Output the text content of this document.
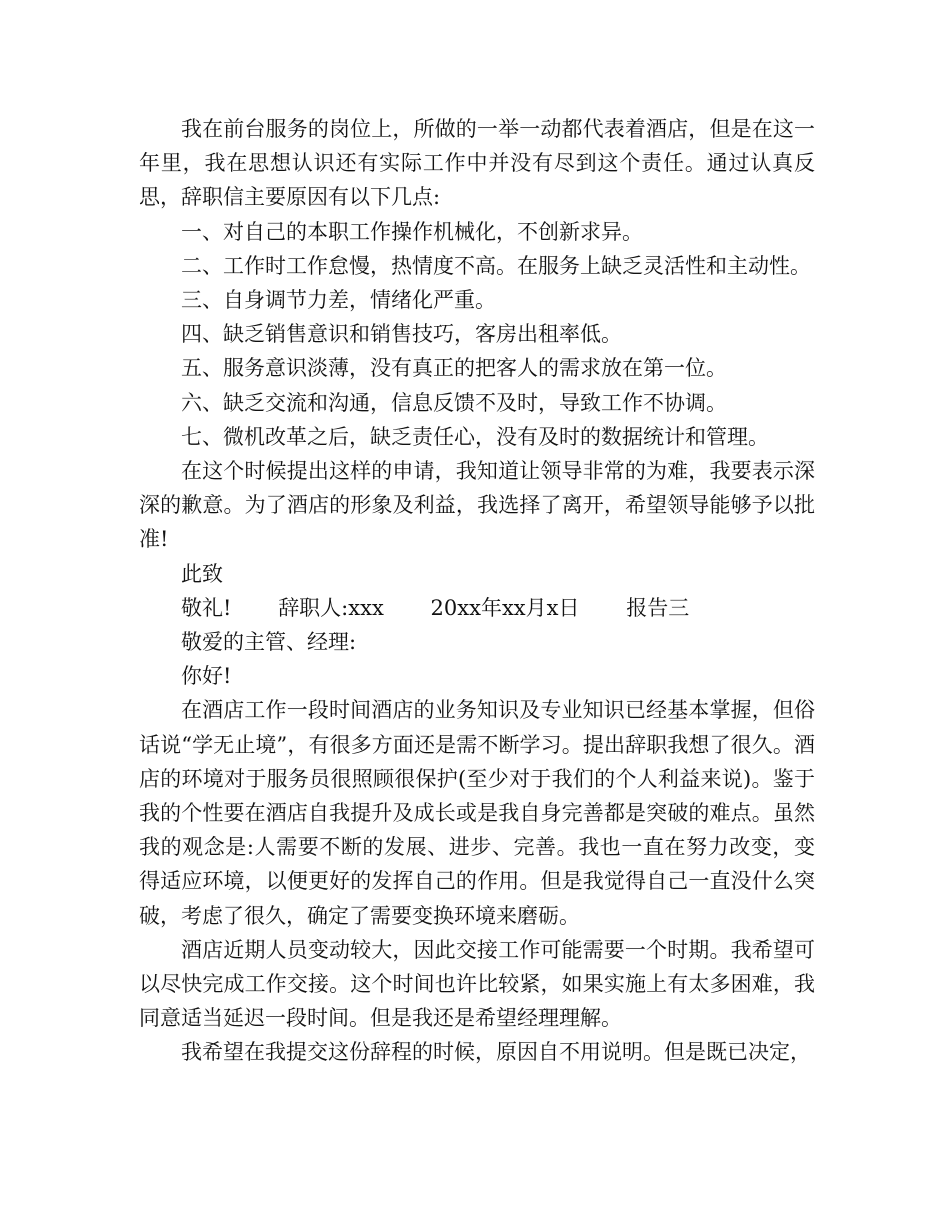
我在前台服务的岗位上，所做的一举一动都代表着酒店，但是在这一年里，我在思想认识还有实际工作中并没有尽到这个责任。通过认真反思，辞职信主要原因有以下几点:

一、对自己的本职工作操作机械化，不创新求异。

二、工作时工作怠慢，热情度不高。在服务上缺乏灵活性和主动性。

三、自身调节力差，情绪化严重。

四、缺乏销售意识和销售技巧，客房出租率低。

五、服务意识淡薄，没有真正的把客人的需求放在第一位。

六、缺乏交流和沟通，信息反馈不及时，导致工作不协调。

七、微机改革之后，缺乏责任心，没有及时的数据统计和管理。

在这个时候提出这样的申请，我知道让领导非常的为难，我要表示深深的歉意。为了酒店的形象及利益，我选择了离开，希望领导能够予以批准!

此致

敬礼!
辞职人:xxx
20xx年xx月x日
报告三

敬爱的主管、经理:

你好!

在酒店工作一段时间酒店的业务知识及专业知识已经基本掌握，但俗话说“学无止境”，有很多方面还是需不断学习。提出辞职我想了很久。酒店的环境对于服务员很照顾很保护(至少对于我们的个人利益来说)。鉴于我的个性要在酒店自我提升及成长或是我自身完善都是突破的难点。虽然我的观念是:人需要不断的发展、进步、完善。我也一直在努力改变，变得适应环境，以便更好的发挥自己的作用。但是我觉得自己一直没什么突破，考虑了很久，确定了需要变换环境来磨砺。

酒店近期人员变动较大，因此交接工作可能需要一个时期。我希望可以尽快完成工作交接。这个时间也许比较紧，如果实施上有太多困难，我同意适当延迟一段时间。但是我还是希望经理理解。

我希望在我提交这份辞程的时候，原因自不用说明。但是既已决定，
